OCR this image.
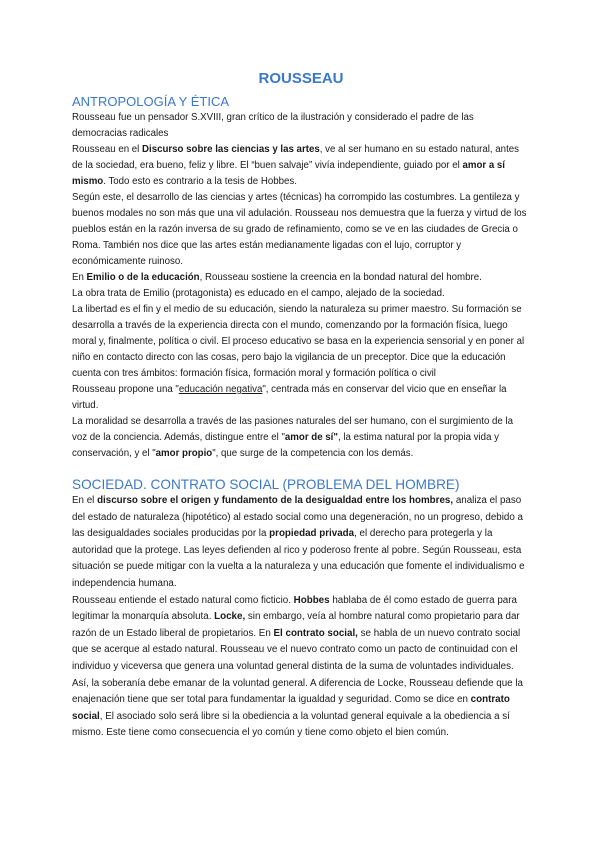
ROUSSEAU
ANTROPOLOGÍA Y ÉTICA

Rousseau fue un pensador S.XVIII, gran crítico de la ilustración y considerado el padre de las democracias radicales

Rousseau en el Discurso sobre las ciencias y las artes, ve al ser humano en su estado natural, antes de la sociedad, era bueno, feliz y libre. El “buen salvaje” vivía independiente, guiado por el amor a sí mismo. Todo esto es contrario a la tesis de Hobbes.

Según este, el desarrollo de las ciencias y artes (técnicas) ha corrompido las costumbres. La gentileza y buenos modales no son más que una vil adulación. Rousseau nos demuestra que la fuerza y virtud de los pueblos están en la razón inversa de su grado de refinamiento, como se ve en las ciudades de Grecia o Roma. También nos dice que las artes están medianamente ligadas con el lujo, corruptor y económicamente ruinoso.

En Emilio o de la educación, Rousseau sostiene la creencia en la bondad natural del hombre.

La obra trata de Emilio (protagonista) es educado en el campo, alejado de la sociedad.

La libertad es el fin y el medio de su educación, siendo la naturaleza su primer maestro. Su formación se desarrolla a través de la experiencia directa con el mundo, comenzando por la formación física, luego moral y, finalmente, política o civil. El proceso educativo se basa en la experiencia sensorial y en poner al niño en contacto directo con las cosas, pero bajo la vigilancia de un preceptor. Dice que la educación cuenta con tres ámbitos: formación física, formación moral y formación política o civil

Rousseau propone una "educación negativa", centrada más en conservar del vicio que en enseñar la virtud.

La moralidad se desarrolla a través de las pasiones naturales del ser humano, con el surgimiento de la voz de la conciencia. Además, distingue entre el "amor de sí", la estima natural por la propia vida y conservación, y el "amor propio", que surge de la competencia con los demás.

SOCIEDAD. CONTRATO SOCIAL (PROBLEMA DEL HOMBRE)

En el discurso sobre el origen y fundamento de la desigualdad entre los hombres, analiza el paso del estado de naturaleza (hipotético) al estado social como una degeneración, no un progreso, debido a las desigualdades sociales producidas por la propiedad privada, el derecho para protegerla y la autoridad que la protege. Las leyes defienden al rico y poderoso frente al pobre. Según Rousseau, esta situación se puede mitigar con la vuelta a la naturaleza y una educación que fomente el individualismo e independencia humana.

Rousseau entiende el estado natural como ficticio. Hobbes hablaba de él como estado de guerra para legitimar la monarquía absoluta. Locke, sin embargo, veía al hombre natural como propietario para dar razón de un Estado liberal de propietarios. En El contrato social, se habla de un nuevo contrato social que se acerque al estado natural. Rousseau ve el nuevo contrato como un pacto de continuidad con el individuo y viceversa que genera una voluntad general distinta de la suma de voluntades individuales. Así, la soberanía debe emanar de la voluntad general. A diferencia de Locke, Rousseau defiende que la enajenación tiene que ser total para fundamentar la igualdad y seguridad. Como se dice en contrato social, El asociado solo será libre si la obediencia a la voluntad general equivale a la obediencia a sí mismo. Este tiene como consecuencia el yo común y tiene como objeto el bien común.
